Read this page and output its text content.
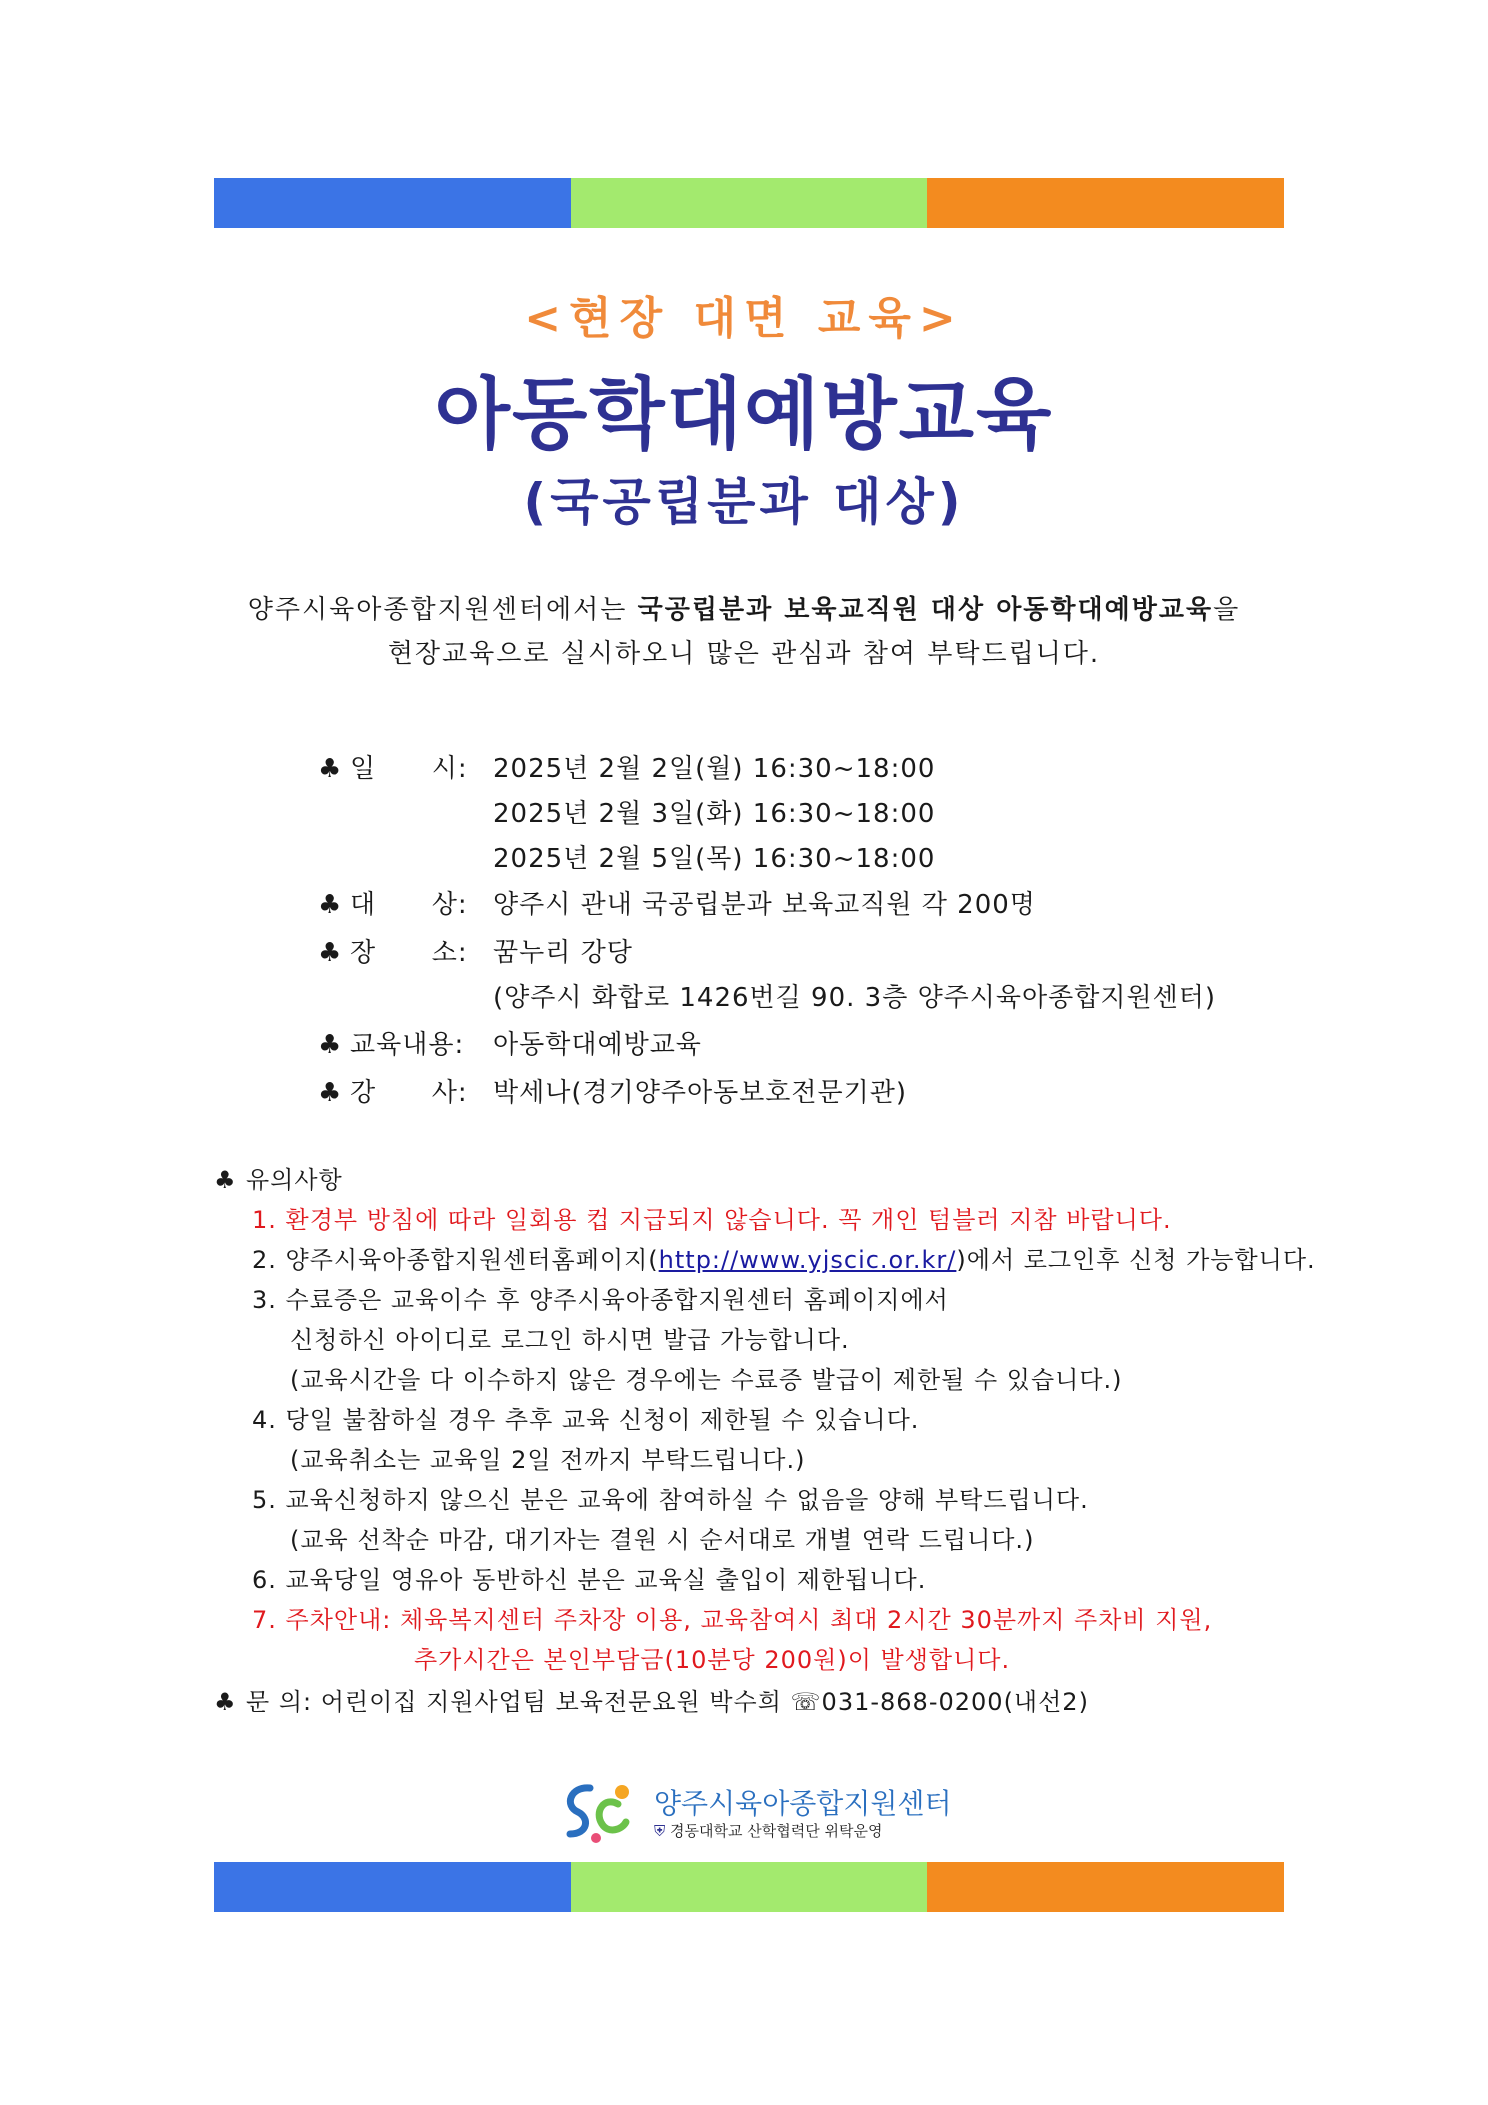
<현장 대면 교육>
아동학대예방교육
(국공립분과 대상)
양주시육아종합지원센터에서는 국공립분과 보육교직원 대상 아동학대예방교육을
현장교육으로 실시하오니 많은 관심과 참여 부탁드립니다.
♣ 일      시: 2025년 2월 2일(월) 16:30~18:00
2025년 2월 3일(화) 16:30~18:00
2025년 2월 5일(목) 16:30~18:00
♣ 대      상: 양주시 관내 국공립분과 보육교직원 각 200명
♣ 장      소: 꿈누리 강당
(양주시 화합로 1426번길 90. 3층 양주시육아종합지원센터)
♣ 교육내용: 아동학대예방교육
♣ 강      사: 박세나(경기양주아동보호전문기관)
♣ 유의사항
1. 환경부 방침에 따라 일회용 컵 지급되지 않습니다. 꼭 개인 텀블러 지참 바랍니다.
2. 양주시육아종합지원센터홈페이지(http://www.yjscic.or.kr/)에서 로그인후 신청 가능합니다.
3. 수료증은 교육이수 후 양주시육아종합지원센터 홈페이지에서
신청하신 아이디로 로그인 하시면 발급 가능합니다.
(교육시간을 다 이수하지 않은 경우에는 수료증 발급이 제한될 수 있습니다.)
4. 당일 불참하실 경우 추후 교육 신청이 제한될 수 있습니다.
(교육취소는 교육일 2일 전까지 부탁드립니다.)
5. 교육신청하지 않으신 분은 교육에 참여하실 수 없음을 양해 부탁드립니다.
(교육 선착순 마감, 대기자는 결원 시 순서대로 개별 연락 드립니다.)
6. 교육당일 영유아 동반하신 분은 교육실 출입이 제한됩니다.
7. 주차안내: 체육복지센터 주차장 이용, 교육참여시 최대 2시간 30분까지 주차비 지원,
추가시간은 본인부담금(10분당 200원)이 발생합니다.
♣ 문 의: 어린이집 지원사업팀 보육전문요원 박수희 ☏031-868-0200(내선2)
양주시육아종합지원센터
⛨ 경동대학교 산학협력단 위탁운영
